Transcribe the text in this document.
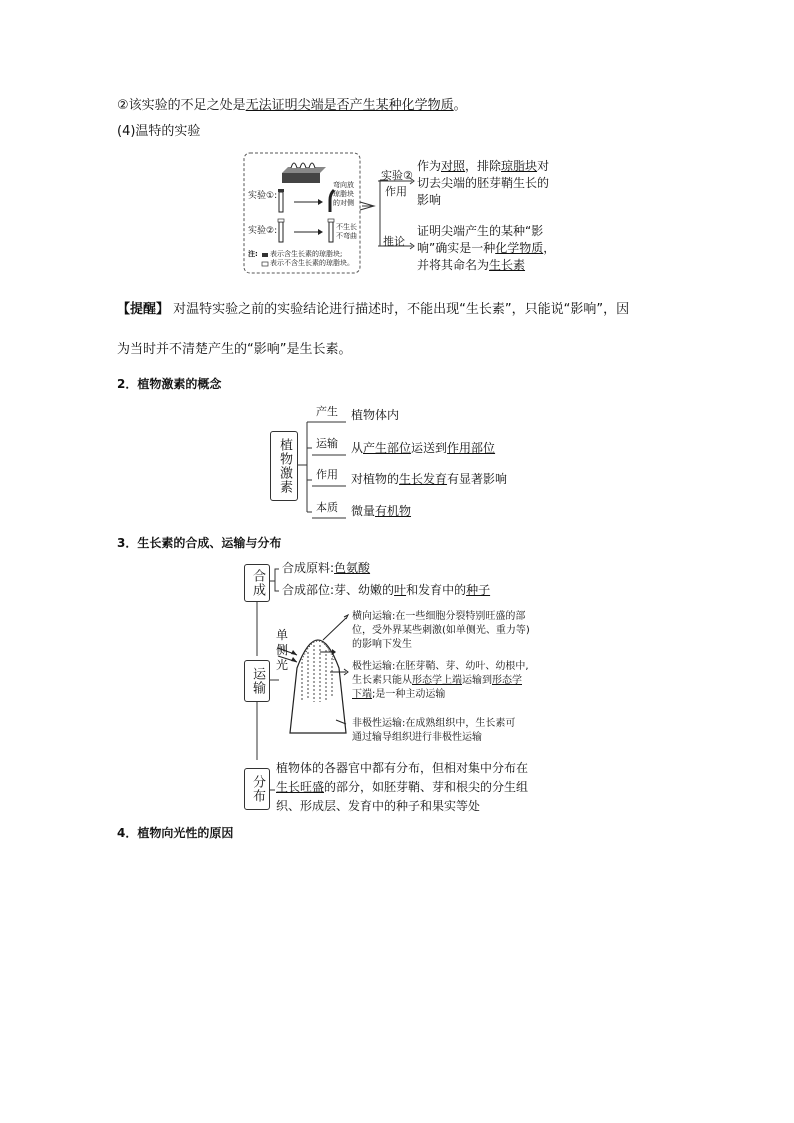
②该实验的不足之处是无法证明尖端是否产生某种化学物质。
(4)温特的实验
实验①:
实验②:
弯向放
琼脂块
的对侧
不生长
不弯曲
注: 表示含生长素的琼脂块;
表示不含生长素的琼脂块。
实验②
作用
推论
作为对照，排除琼脂块对
切去尖端的胚芽鞘生长的
影响
证明尖端产生的某种“影
响”确实是一种化学物质，
并将其命名为生长素
【提醒】 对温特实验之前的实验结论进行描述时，不能出现“生长素”，只能说“影响”，因
为当时并不清楚产生的“影响”是生长素。
2．植物激素的概念
植物激素
产生 植物体内
运输 从产生部位运送到作用部位
作用 对植物的生长发育有显著影响
本质 微量有机物
3．生长素的合成、运输与分布
合成
合成原料:色氨酸
合成部位:芽、幼嫩的叶和发育中的种子
运输
单侧光
横向运输:在一些细胞分裂特别旺盛的部
位，受外界某些刺激(如单侧光、重力等)
的影响下发生
极性运输:在胚芽鞘、芽、幼叶、幼根中,
生长素只能从形态学上端运输到形态学
下端;是一种主动运输
非极性运输:在成熟组织中，生长素可
通过输导组织进行非极性运输
分布
植物体的各器官中都有分布，但相对集中分布在
生长旺盛的部分，如胚芽鞘、芽和根尖的分生组
织、形成层、发育中的种子和果实等处
4．植物向光性的原因
